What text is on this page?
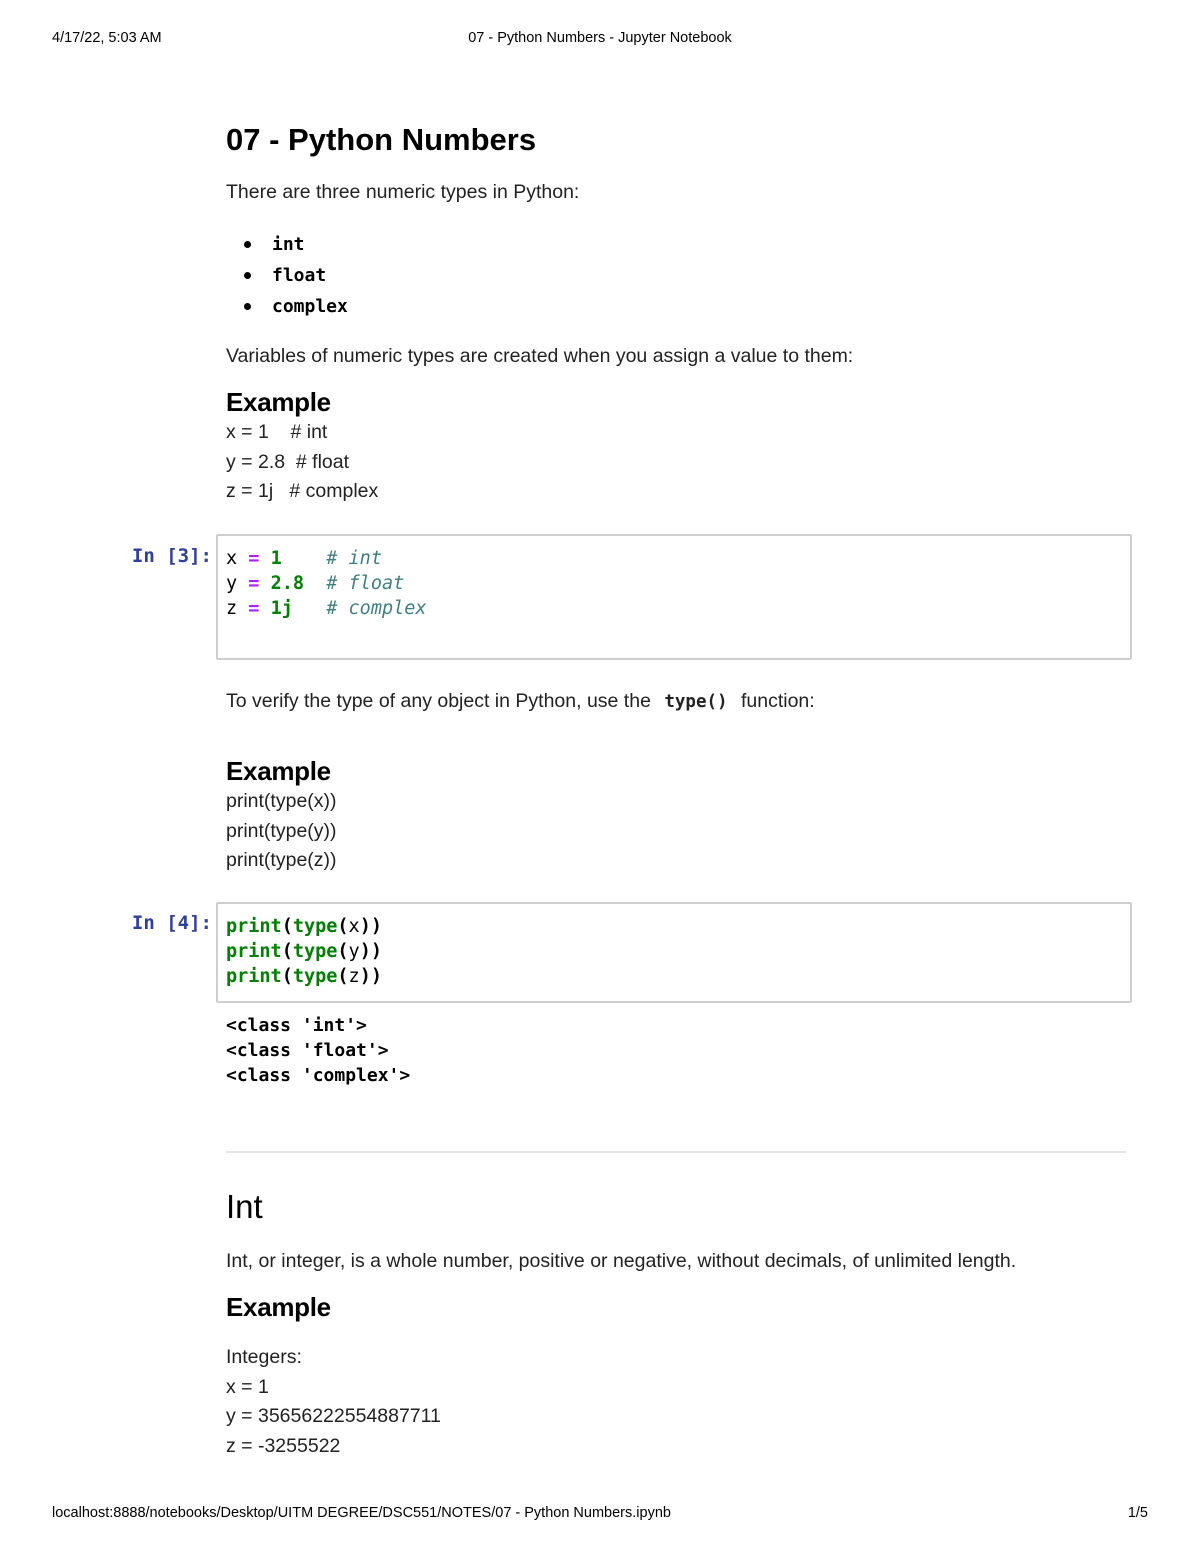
4/17/22, 5:03 AM	07 - Python Numbers - Jupyter Notebook
07 - Python Numbers

There are three numeric types in Python:

int
float
complex

Variables of numeric types are created when you assign a value to them:

Example
x = 1    # int
y = 2.8  # float
z = 1j   # complex
In [3]: x = 1 # int
y = 2.8 # float
z = 1j # complex

To verify the type of any object in Python, use the type() function:

Example
print(type(x))
print(type(y))
print(type(z))
In [4]: print(type(x))
print(type(y))
print(type(z))
<class 'int'>
<class 'float'>
<class 'complex'>
Int

Int, or integer, is a whole number, positive or negative, without decimals, of unlimited length.

Example
Integers:
x = 1
y = 35656222554887711
z = -3255522
localhost:8888/notebooks/Desktop/UITM DEGREE/DSC551/NOTES/07 - Python Numbers.ipynb	1/5
